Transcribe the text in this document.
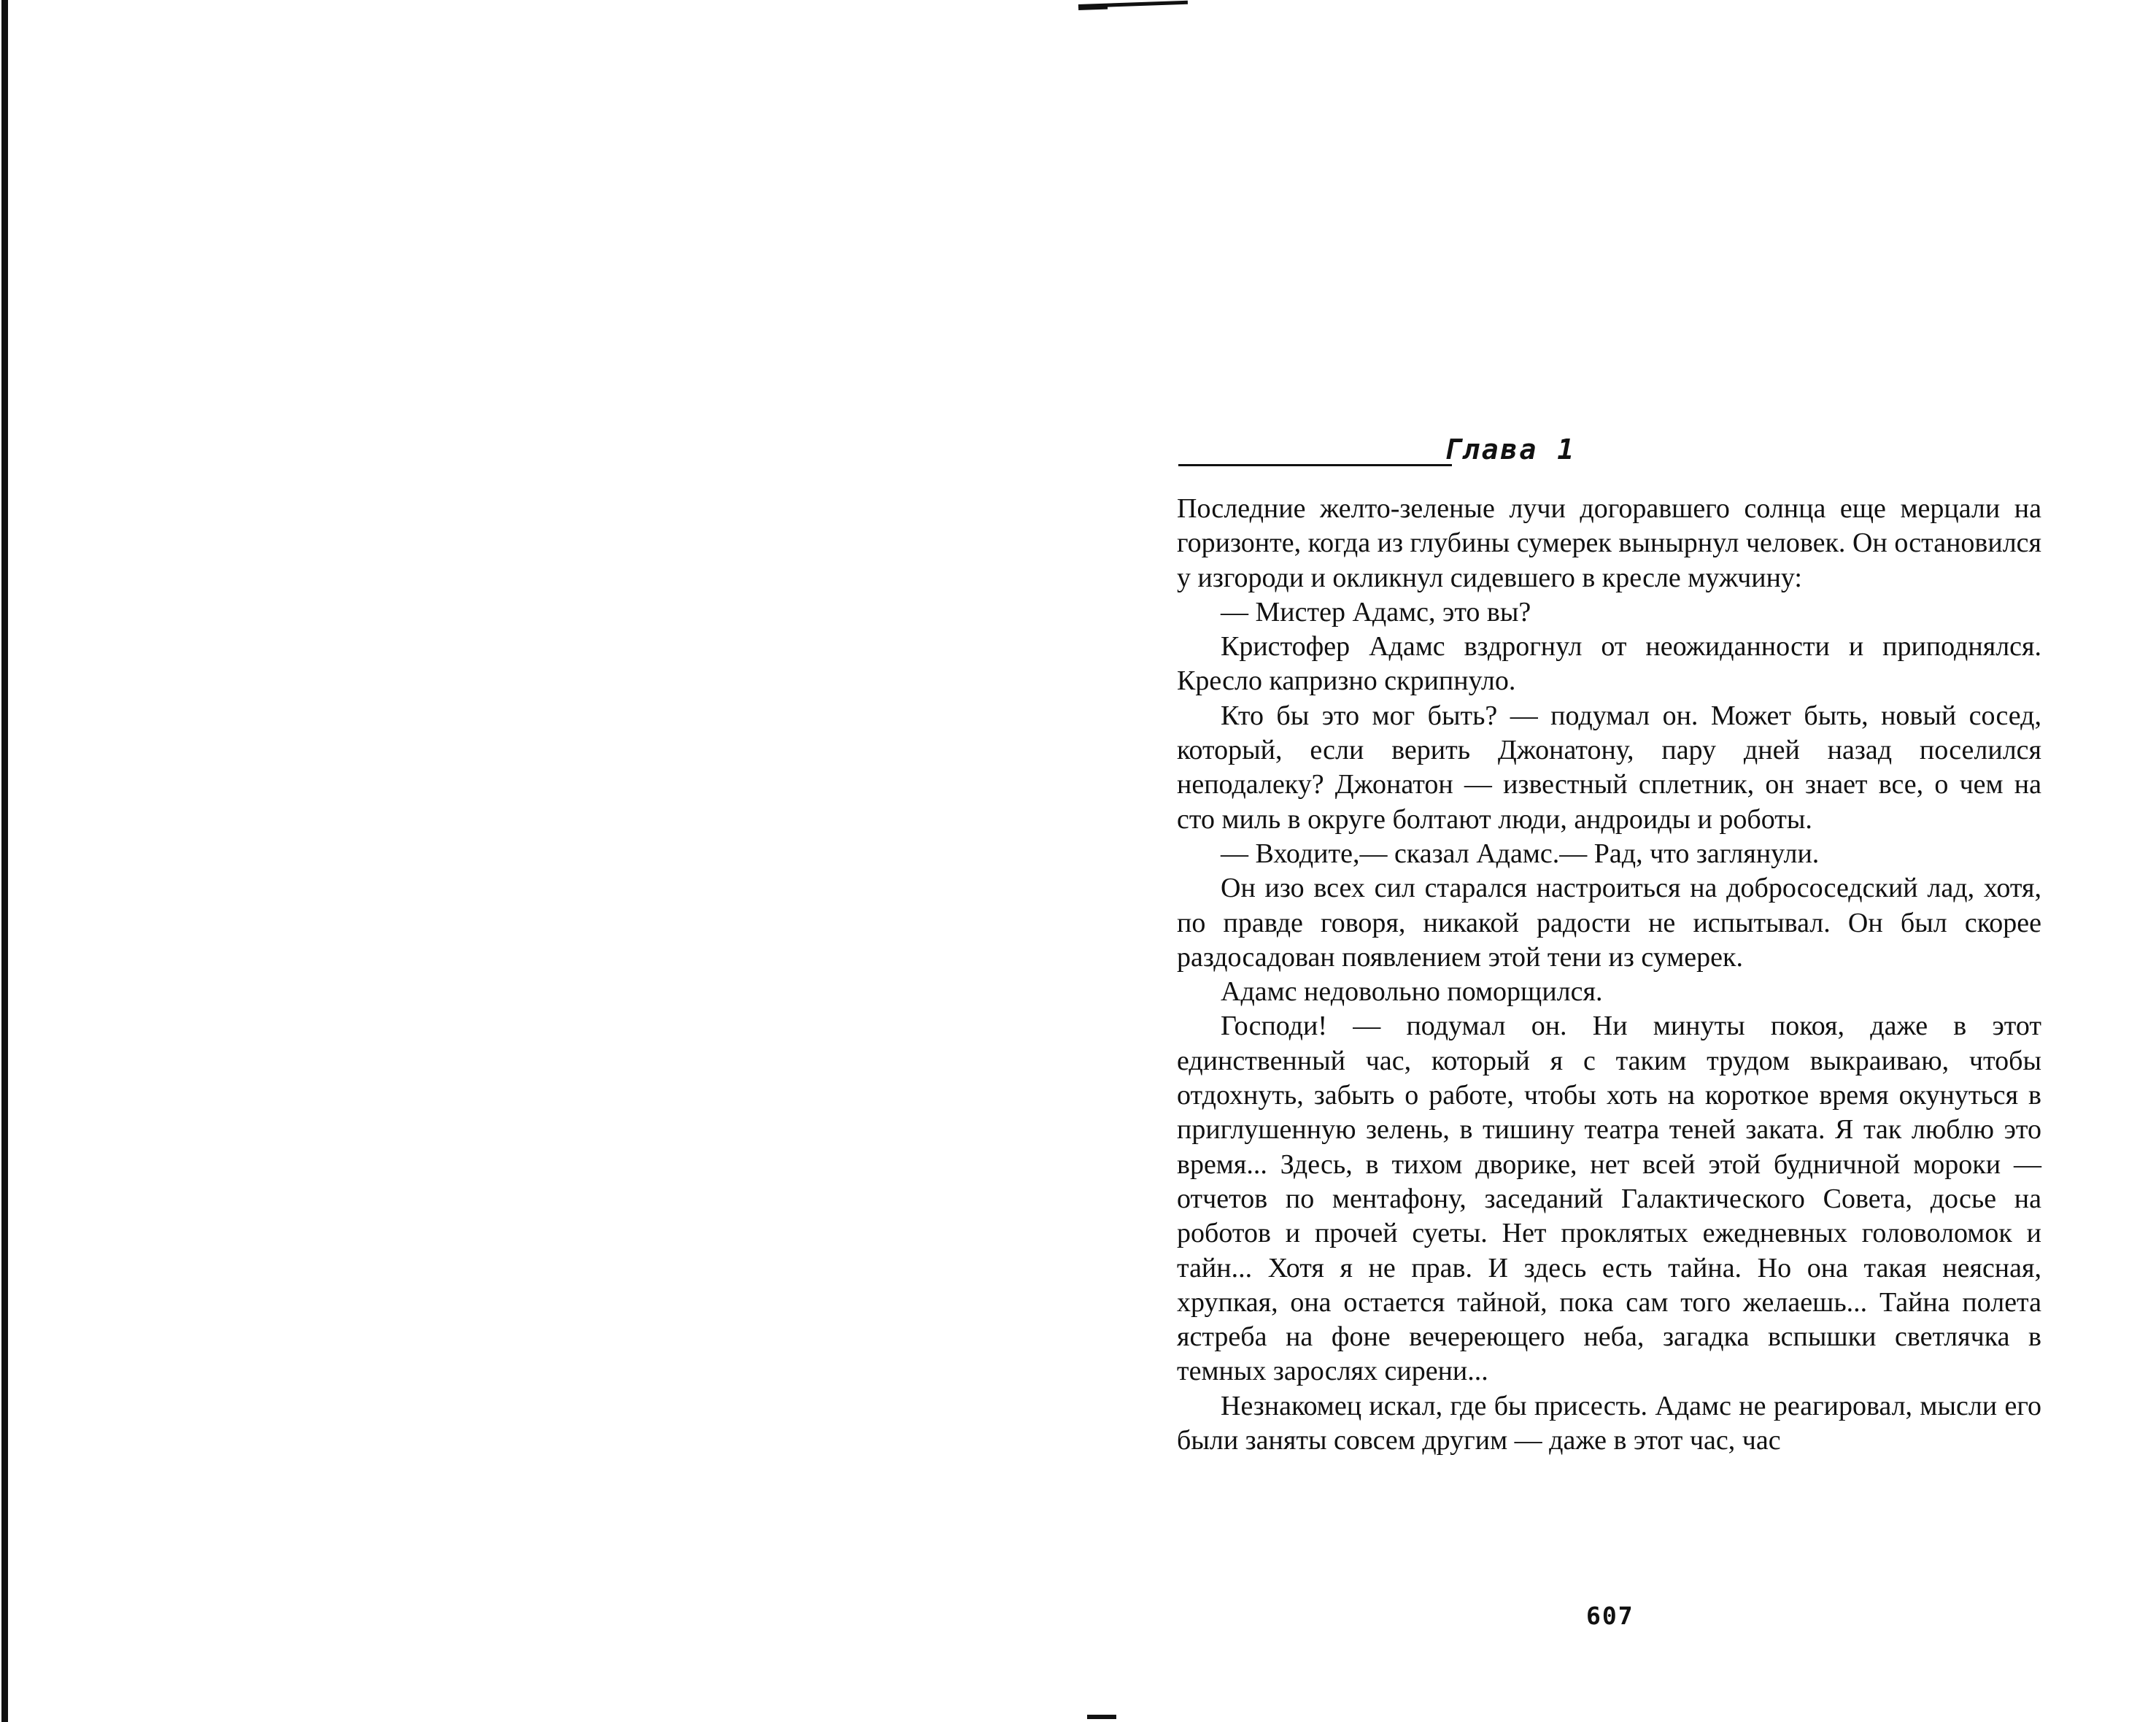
Глава 1

Последние желто-зеленые лучи догоравшего солнца еще мерцали на горизонте, когда из глубины сумерек вынырнул человек. Он остановился у изгороди и окликнул сидевшего в кресле мужчину:

— Мистер Адамс, это вы?

Кристофер Адамс вздрогнул от неожиданности и приподнялся. Кресло капризно скрипнуло.

Кто бы это мог быть? — подумал он. Может быть, новый сосед, который, если верить Джонатону, пару дней назад поселился неподалеку? Джонатон — известный сплетник, он знает все, о чем на сто миль в округе болтают люди, андроиды и роботы.

— Входите,— сказал Адамс.— Рад, что заглянули.

Он изо всех сил старался настроиться на добрососедский лад, хотя, по правде говоря, никакой радости не испытывал. Он был скорее раздосадован появлением этой тени из сумерек.

Адамс недовольно поморщился.

Господи! — подумал он. Ни минуты покоя, даже в этот единственный час, который я с таким трудом выкраиваю, чтобы отдохнуть, забыть о работе, чтобы хоть на короткое время окунуться в приглушенную зелень, в тишину театра теней заката. Я так люблю это время... Здесь, в тихом дворике, нет всей этой будничной мороки — отчетов по ментафону, заседаний Галактического Совета, досье на роботов и прочей суеты. Нет проклятых ежедневных головоломок и тайн... Хотя я не прав. И здесь есть тайна. Но она такая неясная, хрупкая, она остается тайной, пока сам того желаешь... Тайна полета ястреба на фоне вечереющего неба, загадка вспышки светлячка в темных зарослях сирени...

Незнакомец искал, где бы присесть. Адамс не реагировал, мысли его были заняты совсем другим — даже в этот час, час

607
